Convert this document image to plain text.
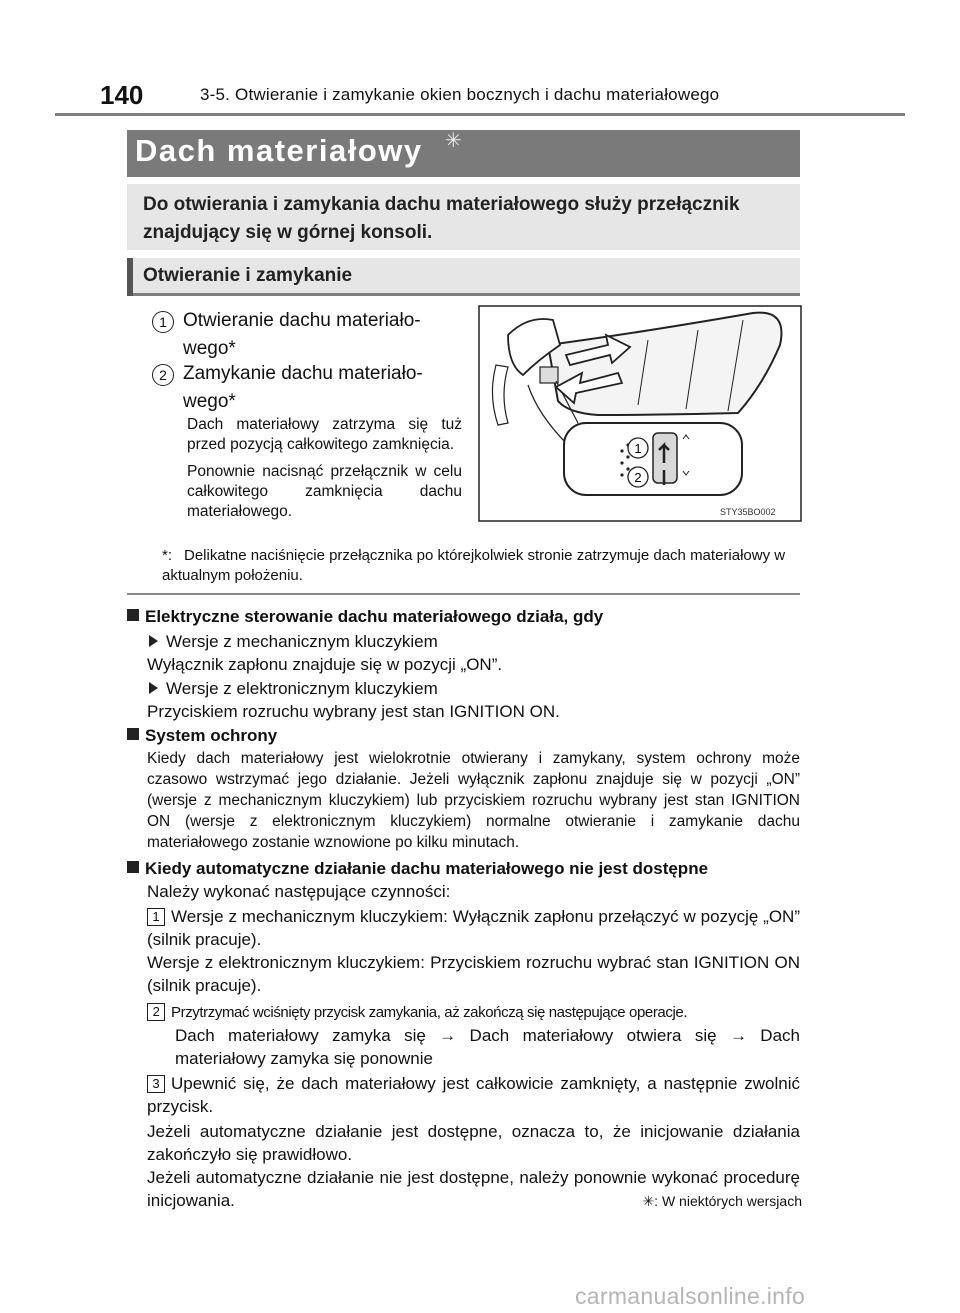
140	3-5. Otwieranie i zamykanie okien bocznych i dachu materiałowego
Dach materiałowy ✳
Do otwierania i zamykania dachu materiałowego służy przełącznik znajdujący się w górnej konsoli.
Otwieranie i zamykanie
1 Otwieranie dachu materiało-wego*
2 Zamykanie dachu materiało-wego*

Dach materiałowy zatrzyma się tuż przed pozycją całkowitego zamknięcia.

Ponownie nacisnąć przełącznik w celu całkowitego zamknięcia dachu materiałowego.

*: Delikatne naciśnięcie przełącznika po którejkolwiek stronie zatrzymuje dach materiałowy w aktualnym położeniu.
1
2
STY35BO002
Elektryczne sterowanie dachu materiałowego działa, gdy
Wersje z mechanicznym kluczykiem
Wyłącznik zapłonu znajduje się w pozycji „ON”.
Wersje z elektronicznym kluczykiem
Przyciskiem rozruchu wybrany jest stan IGNITION ON.
System ochrony
Kiedy dach materiałowy jest wielokrotnie otwierany i zamykany, system ochrony może czasowo wstrzymać jego działanie. Jeżeli wyłącznik zapłonu znajduje się w pozycji „ON” (wersje z mechanicznym kluczykiem) lub przyciskiem rozruchu wybrany jest stan IGNITION ON (wersje z elektronicznym kluczykiem) normalne otwieranie i zamykanie dachu materiałowego zostanie wznowione po kilku minutach.
Kiedy automatyczne działanie dachu materiałowego nie jest dostępne
Należy wykonać następujące czynności:
1 Wersje z mechanicznym kluczykiem: Wyłącznik zapłonu przełączyć w pozycję „ON” (silnik pracuje).
Wersje z elektronicznym kluczykiem: Przyciskiem rozruchu wybrać stan IGNITION ON (silnik pracuje).
2 Przytrzymać wciśnięty przycisk zamykania, aż zakończą się następujące operacje.
Dach materiałowy zamyka się → Dach materiałowy otwiera się → Dach materiałowy zamyka się ponownie
3 Upewnić się, że dach materiałowy jest całkowicie zamknięty, a następnie zwolnić przycisk.
Jeżeli automatyczne działanie jest dostępne, oznacza to, że inicjowanie działania zakończyło się prawidłowo.
Jeżeli automatyczne działanie nie jest dostępne, należy ponownie wykonać procedurę inicjowania.	✳: W niektórych wersjach
carmanualsonline.info
